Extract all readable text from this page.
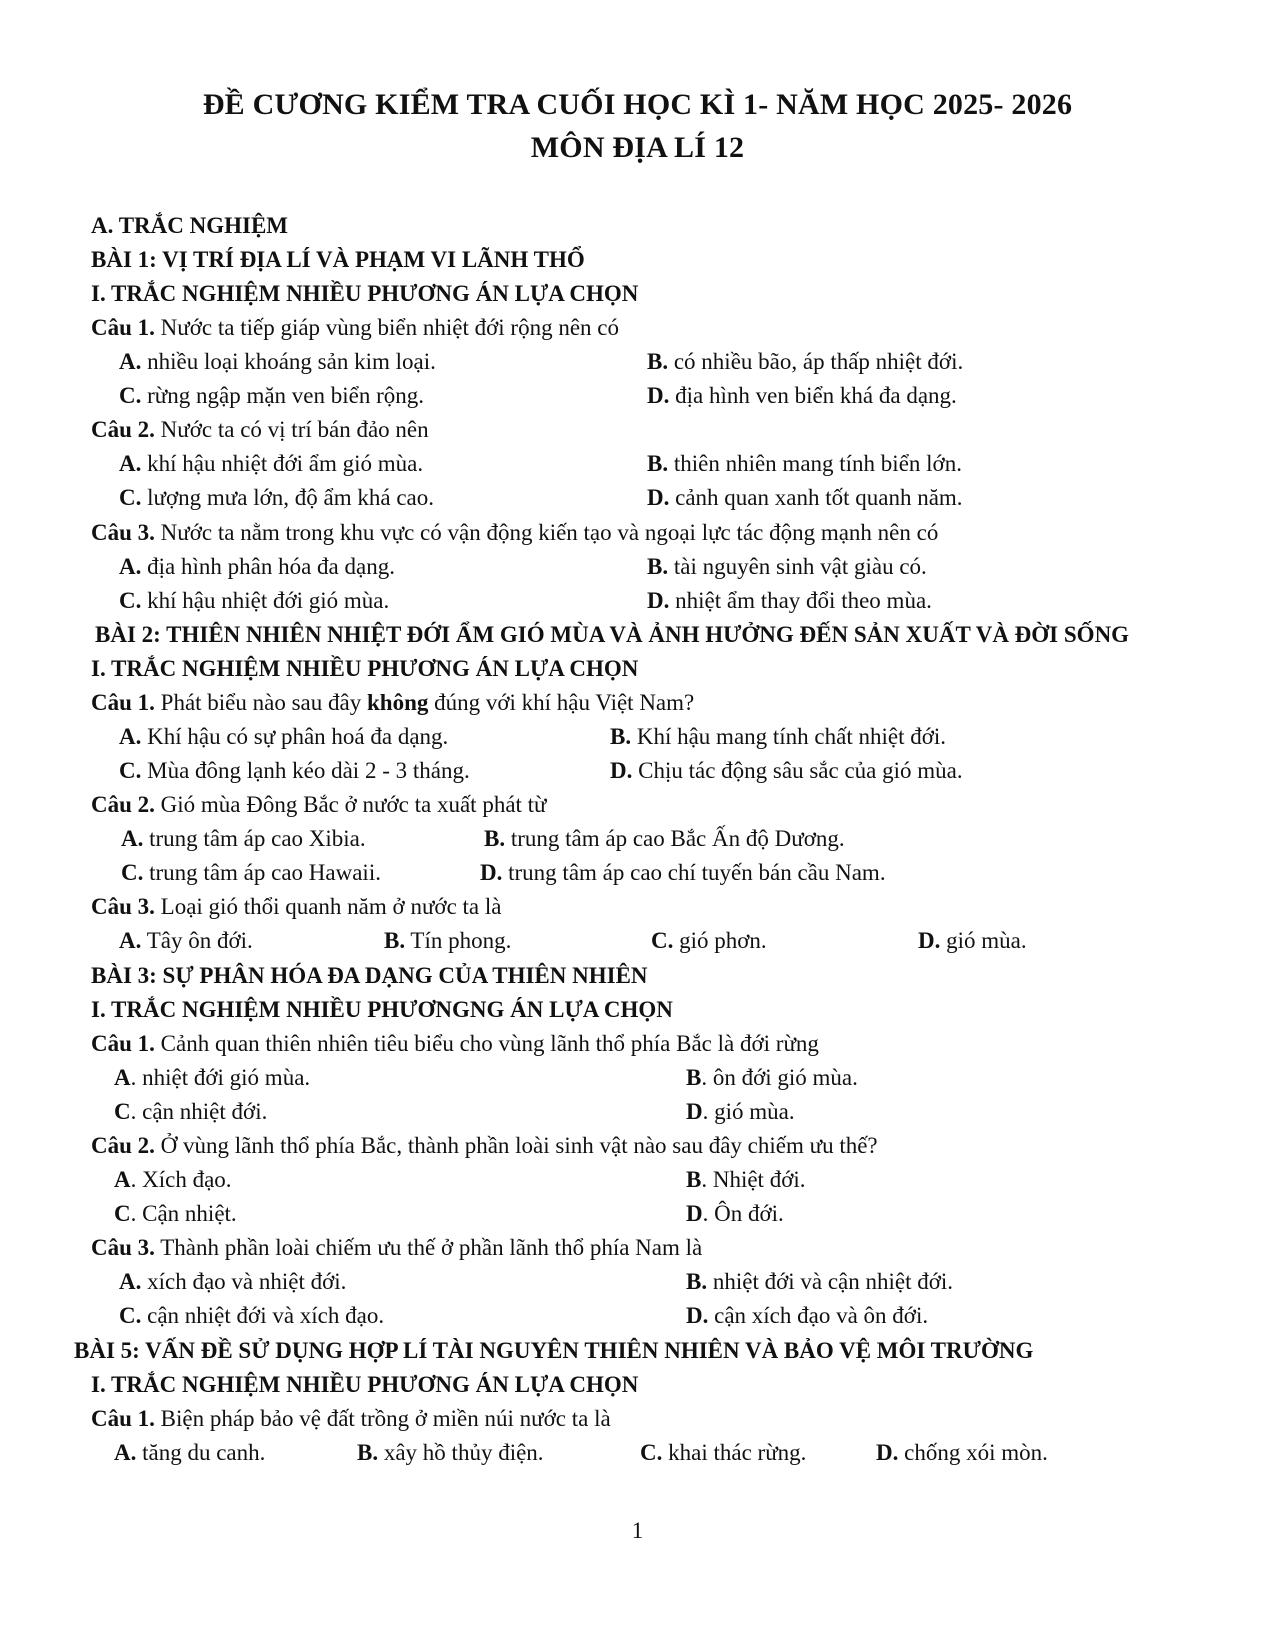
ĐỀ CƯƠNG KIỂM TRA CUỐI HỌC KÌ 1- NĂM HỌC 2025- 2026
MÔN ĐỊA LÍ 12
A. TRẮC NGHIỆM
BÀI 1: VỊ TRÍ ĐỊA LÍ VÀ PHẠM VI LÃNH THỔ
I. TRẮC NGHIỆM NHIỀU PHƯƠNG ÁN LỰA CHỌN
Câu 1. Nước ta tiếp giáp vùng biển nhiệt đới rộng nên có
A. nhiều loại khoáng sản kim loại.	B. có nhiều bão, áp thấp nhiệt đới.
C. rừng ngập mặn ven biển rộng.	D. địa hình ven biển khá đa dạng.
Câu 2. Nước ta có vị trí bán đảo nên
A. khí hậu nhiệt đới ẩm gió mùa.	B. thiên nhiên mang tính biển lớn.
C. lượng mưa lớn, độ ẩm khá cao.	D. cảnh quan xanh tốt quanh năm.
Câu 3. Nước ta nằm trong khu vực có vận động kiến tạo và ngoại lực tác động mạnh nên có
A. địa hình phân hóa đa dạng.	B. tài nguyên sinh vật giàu có.
C. khí hậu nhiệt đới gió mùa.	D. nhiệt ẩm thay đổi theo mùa.
BÀI 2: THIÊN NHIÊN NHIỆT ĐỚI ẨM GIÓ MÙA VÀ ẢNH HƯỞNG ĐẾN SẢN XUẤT VÀ ĐỜI SỐNG
I. TRẮC NGHIỆM NHIỀU PHƯƠNG ÁN LỰA CHỌN
Câu 1. Phát biểu nào sau đây không đúng với khí hậu Việt Nam?
A. Khí hậu có sự phân hoá đa dạng.	B. Khí hậu mang tính chất nhiệt đới.
C. Mùa đông lạnh kéo dài 2 - 3 tháng.	D. Chịu tác động sâu sắc của gió mùa.
Câu 2. Gió mùa Đông Bắc ở nước ta xuất phát từ
A. trung tâm áp cao Xibia.	B. trung tâm áp cao Bắc Ấn độ Dương.
C. trung tâm áp cao Hawaii.	D. trung tâm áp cao chí tuyến bán cầu Nam.
Câu 3. Loại gió thổi quanh năm ở nước ta là
A. Tây ôn đới.	B. Tín phong.	C. gió phơn.	D. gió mùa.
BÀI 3: SỰ PHÂN HÓA ĐA DẠNG CỦA THIÊN NHIÊN
I. TRẮC NGHIỆM NHIỀU PHƯƠNGNG ÁN LỰA CHỌN
Câu 1. Cảnh quan thiên nhiên tiêu biểu cho vùng lãnh thổ phía Bắc là đới rừng
A. nhiệt đới gió mùa.	B. ôn đới gió mùa.
C. cận nhiệt đới.	D. gió mùa.
Câu 2. Ở vùng lãnh thổ phía Bắc, thành phần loài sinh vật nào sau đây chiếm ưu thế?
A. Xích đạo.	B. Nhiệt đới.
C. Cận nhiệt.	D. Ôn đới.
Câu 3. Thành phần loài chiếm ưu thế ở phần lãnh thổ phía Nam là
A. xích đạo và nhiệt đới.	B. nhiệt đới và cận nhiệt đới.
C. cận nhiệt đới và xích đạo.	D. cận xích đạo và ôn đới.
BÀI 5: VẤN ĐỀ SỬ DỤNG HỢP LÍ TÀI NGUYÊN THIÊN NHIÊN VÀ BẢO VỆ MÔI TRƯỜNG
I. TRẮC NGHIỆM NHIỀU PHƯƠNG ÁN LỰA CHỌN
Câu 1. Biện pháp bảo vệ đất trồng ở miền núi nước ta là
A. tăng du canh.	B. xây hồ thủy điện.	C. khai thác rừng.	D. chống xói mòn.
1
